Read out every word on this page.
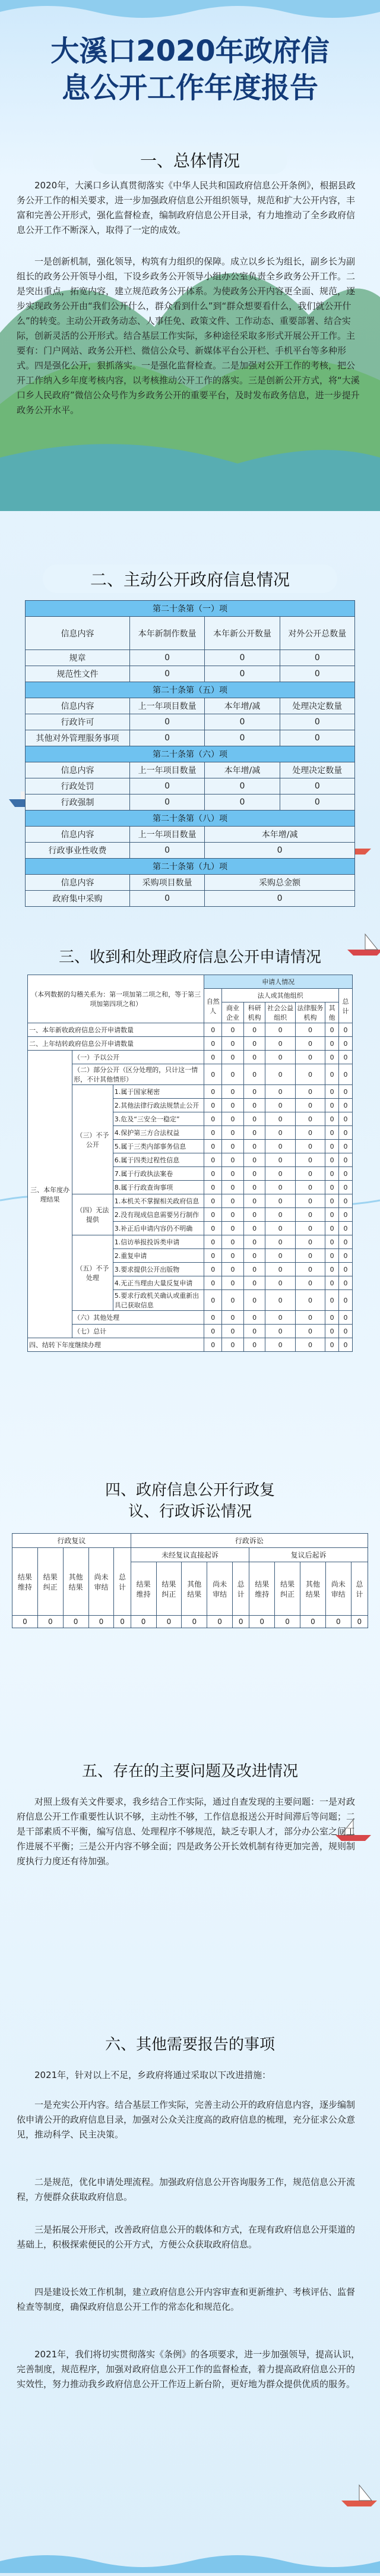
大溪口2020年政府信
息公开工作年度报告
一、总体情况

2020年，大溪口乡认真贯彻落实《中华人民共和国政府信息公开条例》，根据县政务公开工作的相关要求，进一步加强政府信息公开组织领导，规范和扩大公开内容，丰富和完善公开形式，强化监督检查，编制政府信息公开目录，有力地推动了全乡政府信息公开工作不断深入，取得了一定的成效。

一是创新机制，强化领导，构筑有力组织的保障。成立以乡长为组长，副乡长为副组长的政务公开领导小组，下设乡政务公开领导小组办公室负责全乡政务公开工作。二是突出重点，拓宽内容，建立规范政务公开体系。为使政务公开内容更全面、规范，逐步实现政务公开由“我们公开什么，群众看到什么”到“群众想要看什么，我们就公开什么”的转变。主动公开政务动态、人事任免、政策文件、工作动态、重要部署、结合实际，创新灵活的公开形式。结合基层工作实际，多种途径采取多形式开展公开工作。主要有：门户网站、政务公开栏、微信公众号、新媒体平台公开栏、手机平台等多种形式。四是强化公开，狠抓落实。一是强化监督检查。二是加强对公开工作的考核，把公开工作纳入乡年度考核内容，以考核推动公开工作的落实。三是创新公开方式，将“大溪口乡人民政府”微信公众号作为乡政务公开的重要平台，及时发布政务信息，进一步提升政务公开水平。

二、主动公开政府信息情况
第二十条第（一）项			
信息内容	本年新制作数量	本年新公开数量	对外公开总数量
规章	0	0	0
规范性文件	0	0	0
第二十条第（五）项			
信息内容	上一年项目数量	本年增/减	处理决定数量
行政许可	0	0	0
其他对外管理服务事项	0	0	0
第二十条第（六）项			
信息内容	上一年项目数量	本年增/减	处理决定数量
行政处罚	0	0	0
行政强制	0	0	0
第二十条第（八）项			
信息内容	上一年项目数量	本年增/减	
行政事业性收费	0	0	
第二十条第（九）项			
信息内容	采购项目数量	采购总金额	
政府集中采购	0	0	
三、收到和处理政府信息公开申请情况
（本列数据的勾稽关系为：第一项加第二项之和，等于第三项加第四项之和）			申请人情况						
			自然人	法人或其他组织					总计
				商业企业	科研机构	社会公益组织	法律服务机构	其他	
一、本年新收政府信息公开申请数量			0	0	0	0	0	0	0
二、上年结转政府信息公开申请数量			0	0	0	0	0	0	0
三、本年度办理结果	（一）予以公开		0	0	0	0	0	0	0
	（二）部分公开（区分处理的，只计这一情形，不计其他情形）		0	0	0	0	0	0	0
	（三）不予公开	1.属于国家秘密	0	0	0	0	0	0	0
		2.其他法律行政法规禁止公开	0	0	0	0	0	0	0
		3.危及“三安全一稳定”	0	0	0	0	0	0	0
		4.保护第三方合法权益	0	0	0	0	0	0	0
		5.属于三类内部事务信息	0	0	0	0	0	0	0
		6.属于四类过程性信息	0	0	0	0	0	0	0
		7.属于行政执法案卷	0	0	0	0	0	0	0
		8.属于行政查询事项	0	0	0	0	0	0	0
	（四）无法提供	1.本机关不掌握相关政府信息	0	0	0	0	0	0	0
		2.没有现成信息需要另行制作	0	0	0	0	0	0	0
		3.补正后申请内容仍不明确	0	0	0	0	0	0	0
	（五）不予处理	1.信访举报投诉类申请	0	0	0	0	0	0	0
		2.重复申请	0	0	0	0	0	0	0
		3.要求提供公开出版物	0	0	0	0	0	0	0
		4.无正当理由大量反复申请	0	0	0	0	0	0	0
		5.要求行政机关确认或重新出具已获取信息	0	0	0	0	0	0	0
	（六）其他处理		0	0	0	0	0	0	0
	（七）总计		0	0	0	0	0	0	0
四、结转下年度继续办理			0	0	0	0	0	0	0
四、政府信息公开行政复
议、行政诉讼情况
行政复议					行政诉讼									
结果维持	结果纠正	其他结果	尚未审结	总计	未经复议直接起诉					复议后起诉				
					结果维持	结果纠正	其他结果	尚未审结	总计	结果维持	结果纠正	其他结果	尚未审结	总计
0	0	0	0	0	0	0	0	0	0	0	0	0	0	0
五、存在的主要问题及改进情况

对照上级有关文件要求，我乡结合工作实际，通过自查发现的主要问题：一是对政府信息公开工作重要性认识不够，主动性不够，工作信息报送公开时间滞后等问题；二是干部素质不平衡，编写信息、处理程序不够规范，缺乏专职人才，部分办公室之间工作进展不平衡；三是公开内容不够全面；四是政务公开长效机制有待更加完善，规则制度执行力度还有待加强。

六、其他需要报告的事项

2021年，针对以上不足，乡政府将通过采取以下改进措施：

一是充实公开内容。结合基层工作实际，完善主动公开的政府信息内容，逐步编制依申请公开的政府信息目录，加强对公众关注度高的政府信息的梳理，充分征求公众意见，推动科学、民主决策。

二是规范，优化申请处理流程。加强政府信息公开咨询服务工作，规范信息公开流程，方便群众获取政府信息。

三是拓展公开形式，改善政府信息公开的载体和方式，在现有政府信息公开渠道的基础上，积极探索便民的公开方式，方便公众获取政府信息。

四是建设长效工作机制，建立政府信息公开内容审查和更新维护、考核评估、监督检查等制度，确保政府信息公开工作的常态化和规范化。

2021年，我们将切实贯彻落实《条例》的各项要求，进一步加强领导，提高认识，完善制度，规范程序，加强对政府信息公开工作的监督检查，着力提高政府信息公开的实效性，努力推动我乡政府信息公开工作迈上新台阶，更好地为群众提供优质的服务。
